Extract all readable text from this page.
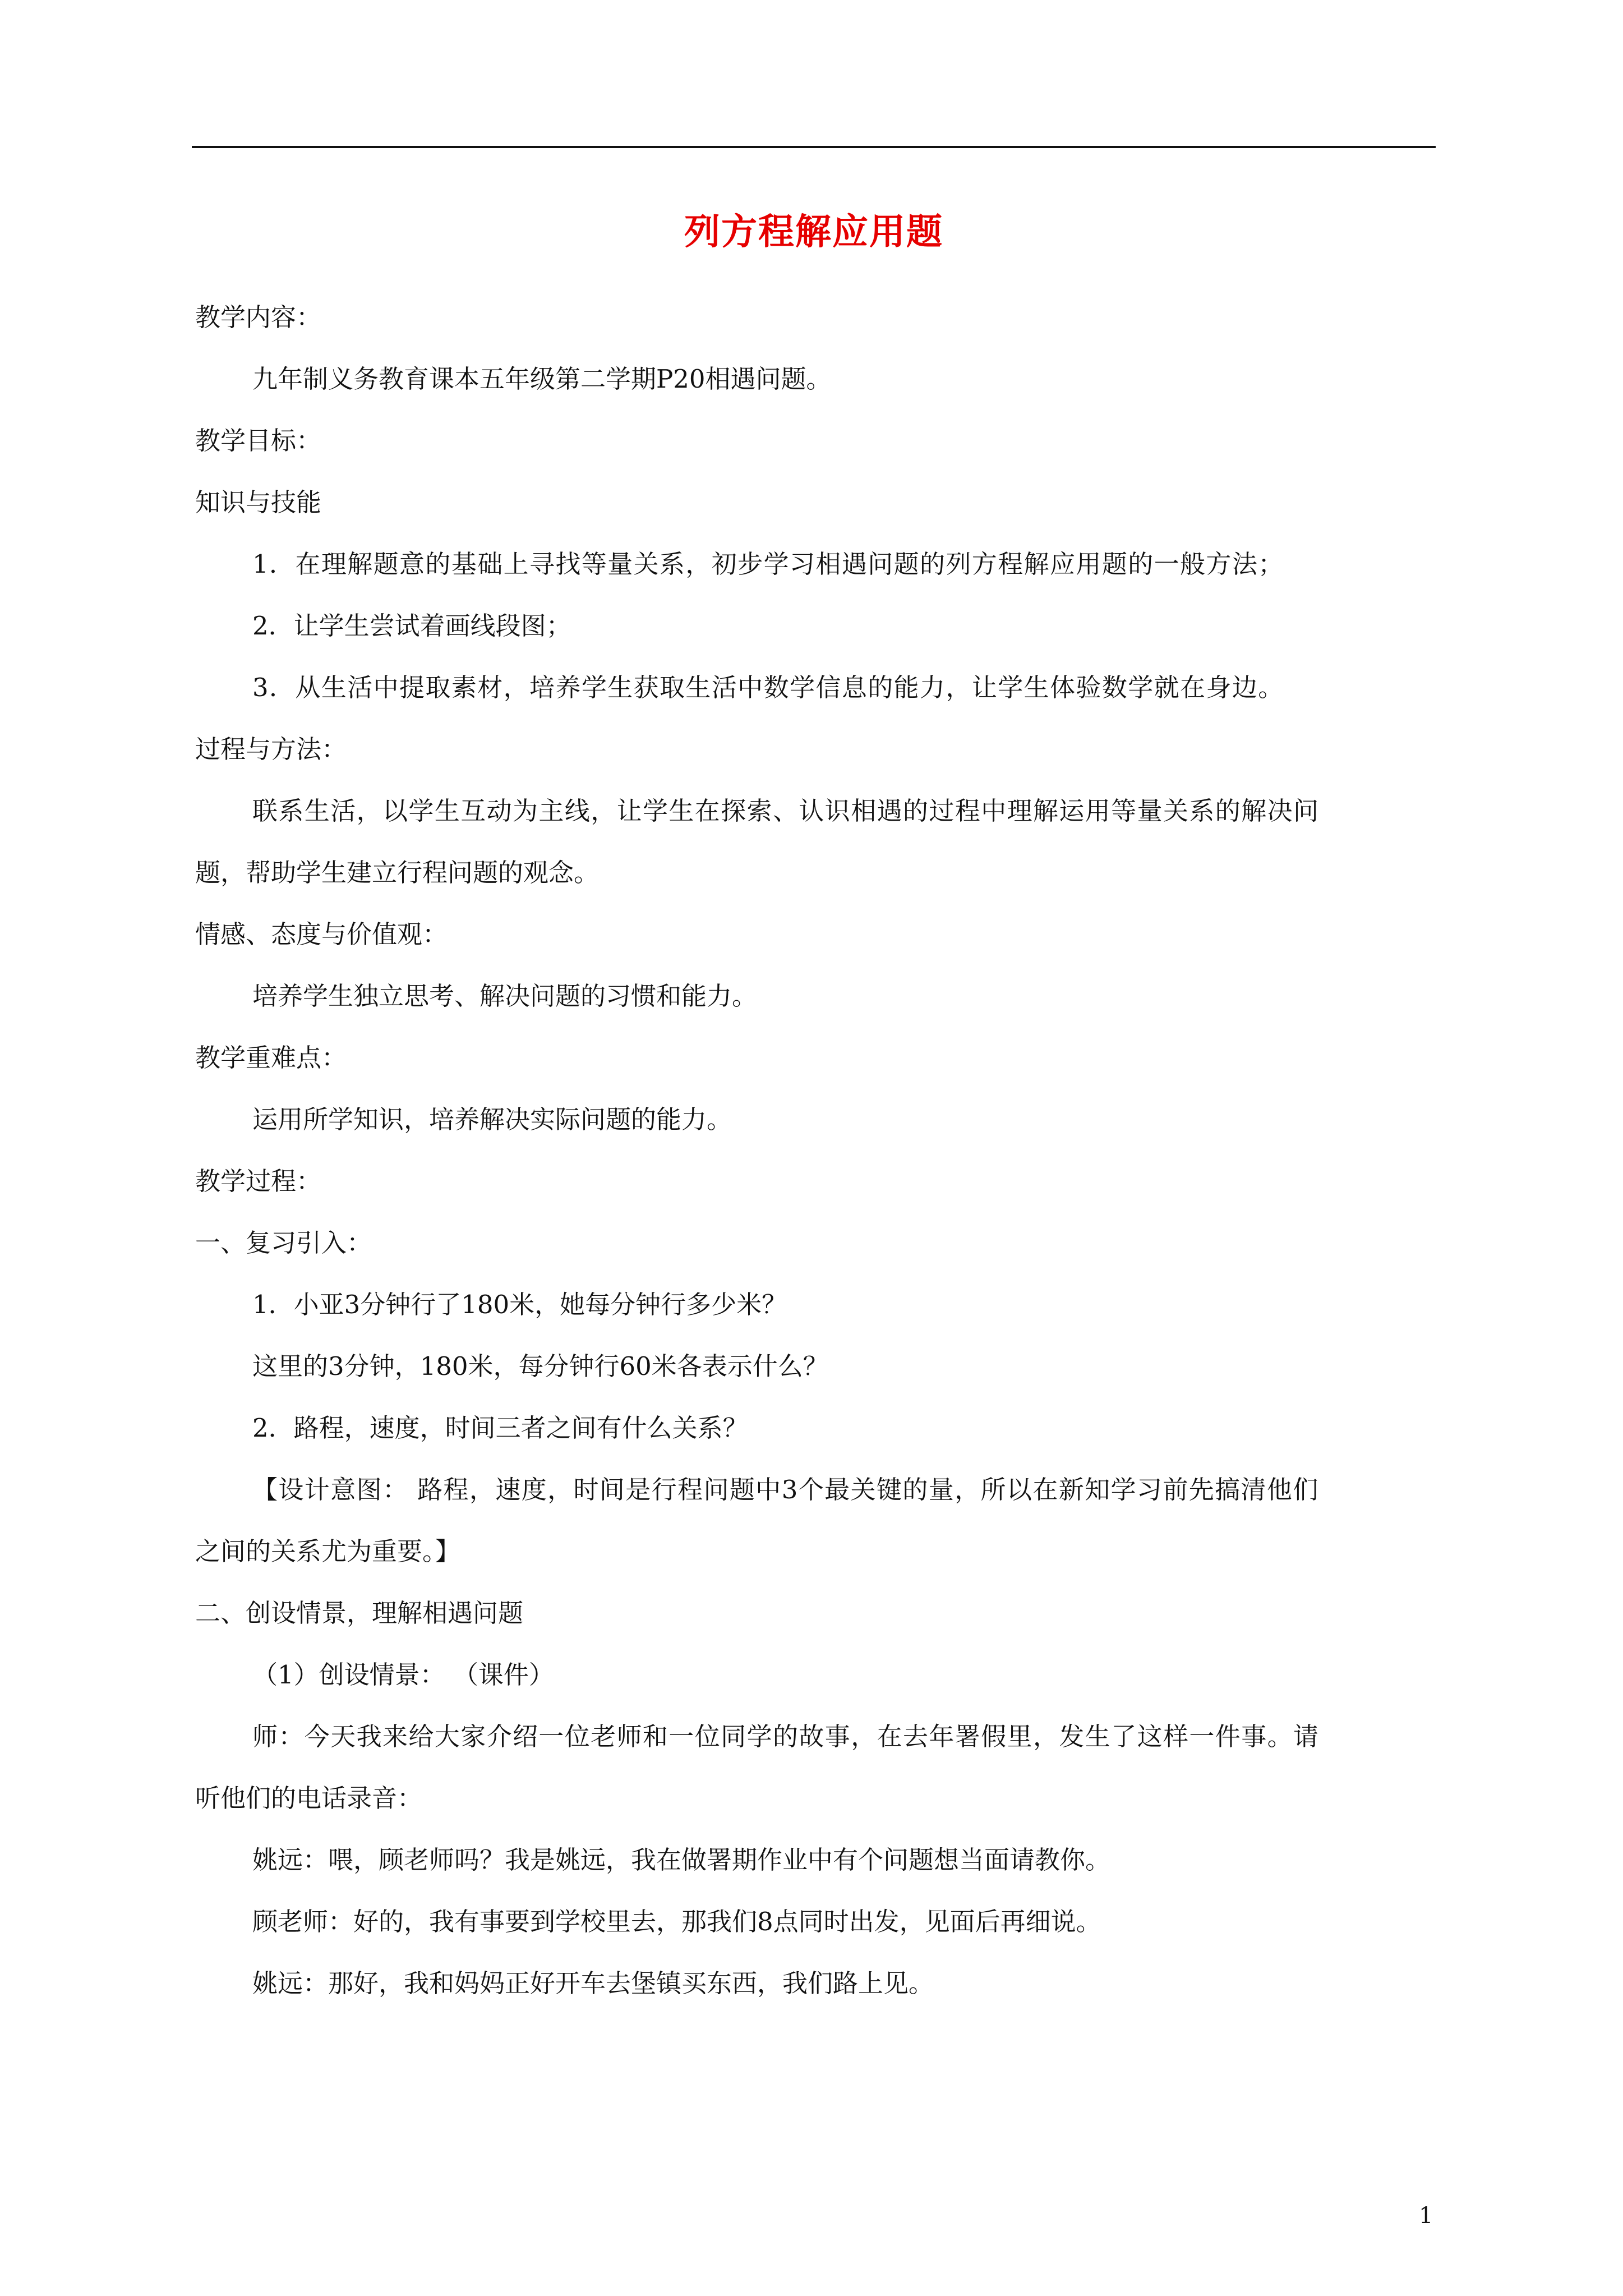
列方程解应用题

教学内容：

九年制义务教育课本五年级第二学期P20相遇问题。

教学目标：

知识与技能

1．在理解题意的基础上寻找等量关系，初步学习相遇问题的列方程解应用题的一般方法；

2．让学生尝试着画线段图；

3．从生活中提取素材，培养学生获取生活中数学信息的能力，让学生体验数学就在身边。

过程与方法：

联系生活，以学生互动为主线，让学生在探索、认识相遇的过程中理解运用等量关系的解决问

题，帮助学生建立行程问题的观念。

情感、态度与价值观：

培养学生独立思考、解决问题的习惯和能力。

教学重难点：

运用所学知识，培养解决实际问题的能力。

教学过程：

一、复习引入：

1．小亚3分钟行了180米，她每分钟行多少米？

这里的3分钟，180米，每分钟行60米各表示什么？

2．路程，速度，时间三者之间有什么关系？

【设计意图： 路程，速度，时间是行程问题中3个最关键的量，所以在新知学习前先搞清他们

之间的关系尤为重要。】

二、创设情景，理解相遇问题

（1）创设情景： （课件）

师：今天我来给大家介绍一位老师和一位同学的故事，在去年署假里，发生了这样一件事。请

听他们的电话录音：

姚远：喂，顾老师吗？我是姚远，我在做署期作业中有个问题想当面请教你。

顾老师：好的，我有事要到学校里去，那我们8点同时出发，见面后再细说。

姚远：那好，我和妈妈正好开车去堡镇买东西，我们路上见。

1
